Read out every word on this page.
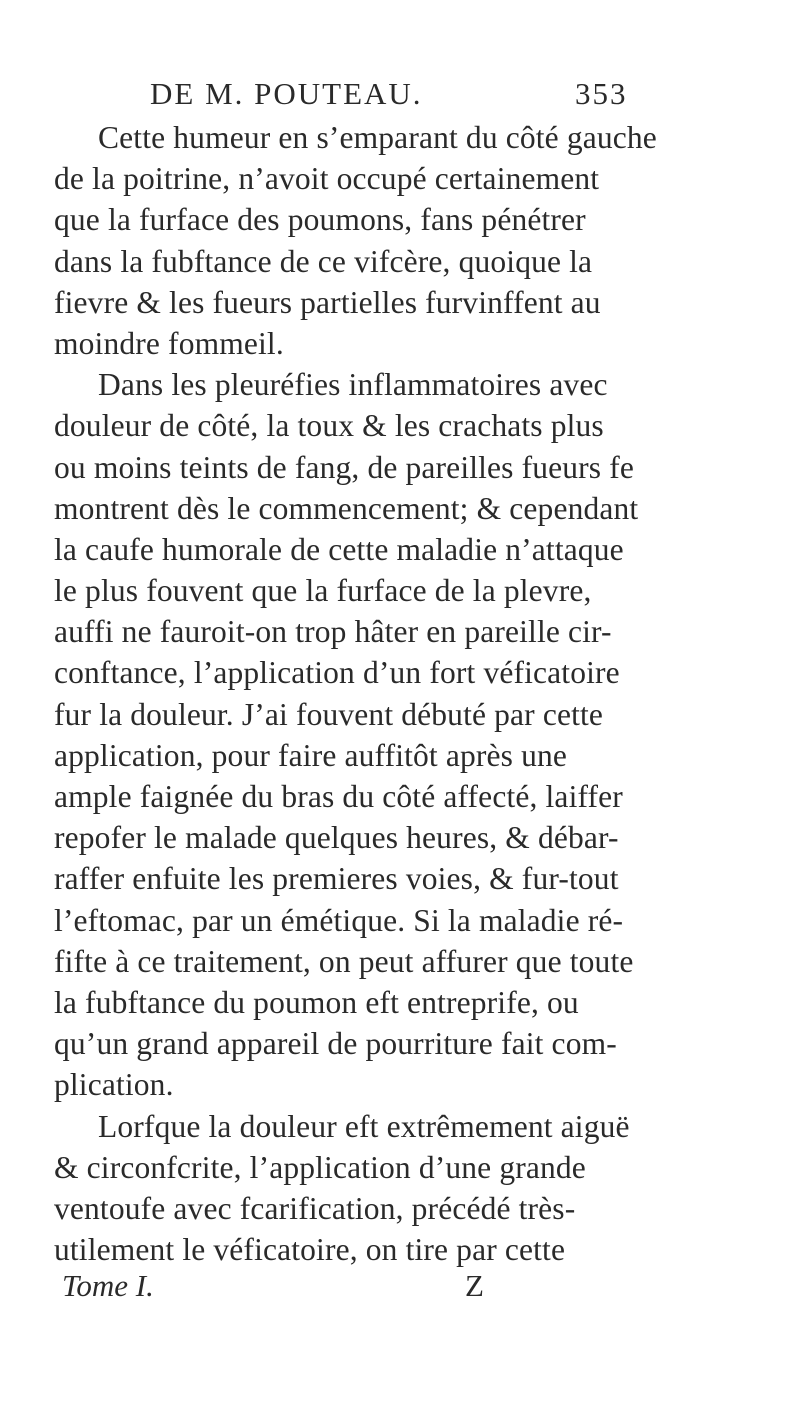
DE M. POUTEAU.	353
Cette humeur en s’emparant du côté gauche
de la poitrine, n’avoit occupé certainement
que la furface des poumons, fans pénétrer
dans la fubftance de ce vifcère, quoique la
fievre & les fueurs partielles furvinffent au
moindre fommeil.
Dans les pleuréfies inflammatoires avec
douleur de côté, la toux & les crachats plus
ou moins teints de fang, de pareilles fueurs fe
montrent dès le commencement; & cependant
la caufe humorale de cette maladie n’attaque
le plus fouvent que la furface de la plevre,
auffi ne fauroit-on trop hâter en pareille cir-
conftance, l’application d’un fort véficatoire
fur la douleur. J’ai fouvent débuté par cette
application, pour faire auffitôt après une
ample faignée du bras du côté affecté, laiffer
repofer le malade quelques heures, & débar-
raffer enfuite les premieres voies, & fur-tout
l’eftomac, par un émétique. Si la maladie ré-
fifte à ce traitement, on peut affurer que toute
la fubftance du poumon eft entreprife, ou
qu’un grand appareil de pourriture fait com-
plication.
Lorfque la douleur eft extrêmement aiguë
& circonfcrite, l’application d’une grande
ventoufe avec fcarification, précédé très-
utilement le véficatoire, on tire par cette
Tome I.	Z
